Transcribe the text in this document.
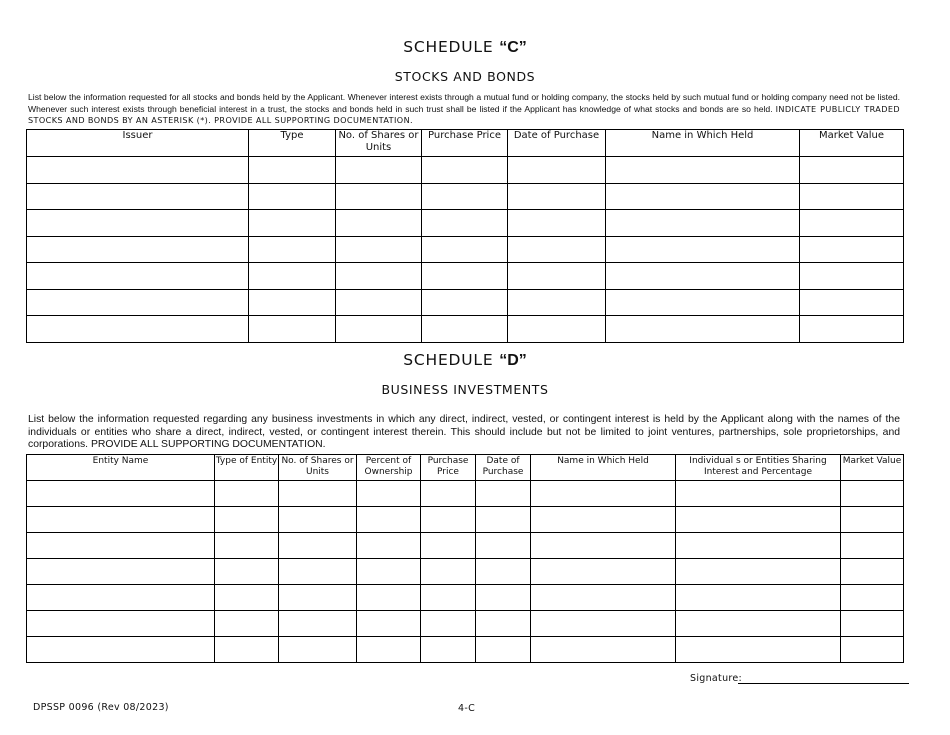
SCHEDULE “C”
STOCKS AND BONDS
List below the information requested for all stocks and bonds held by the Applicant. Whenever interest exists through a mutual fund or holding company, the stocks held by such mutual fund or holding company need not be listed. Whenever such interest exists through beneficial interest in a trust, the stocks and bonds held in such trust shall be listed if the Applicant has knowledge of what stocks and bonds are so held. INDICATE PUBLICLY TRADED STOCKS AND BONDS BY AN ASTERISK (*). PROVIDE ALL SUPPORTING DOCUMENTATION.
Issuer	Type	No. of Shares or Units	Purchase Price	Date of Purchase	Name in Which Held	Market Value

SCHEDULE “D”
BUSINESS INVESTMENTS
List below the information requested regarding any business investments in which any direct, indirect, vested, or contingent interest is held by the Applicant along with the names of the individuals or entities who share a direct, indirect, vested, or contingent interest therein. This should include but not be limited to joint ventures, partnerships, sole proprietorships, and corporations. PROVIDE ALL SUPPORTING DOCUMENTATION.
Entity Name	Type of Entity	No. of Shares or Units	Percent of Ownership	Purchase Price	Date of Purchase	Name in Which Held	Individual s or Entities Sharing Interest and Percentage	Market Value

Signature:
DPSSP 0096 (Rev 08/2023)	4-C
